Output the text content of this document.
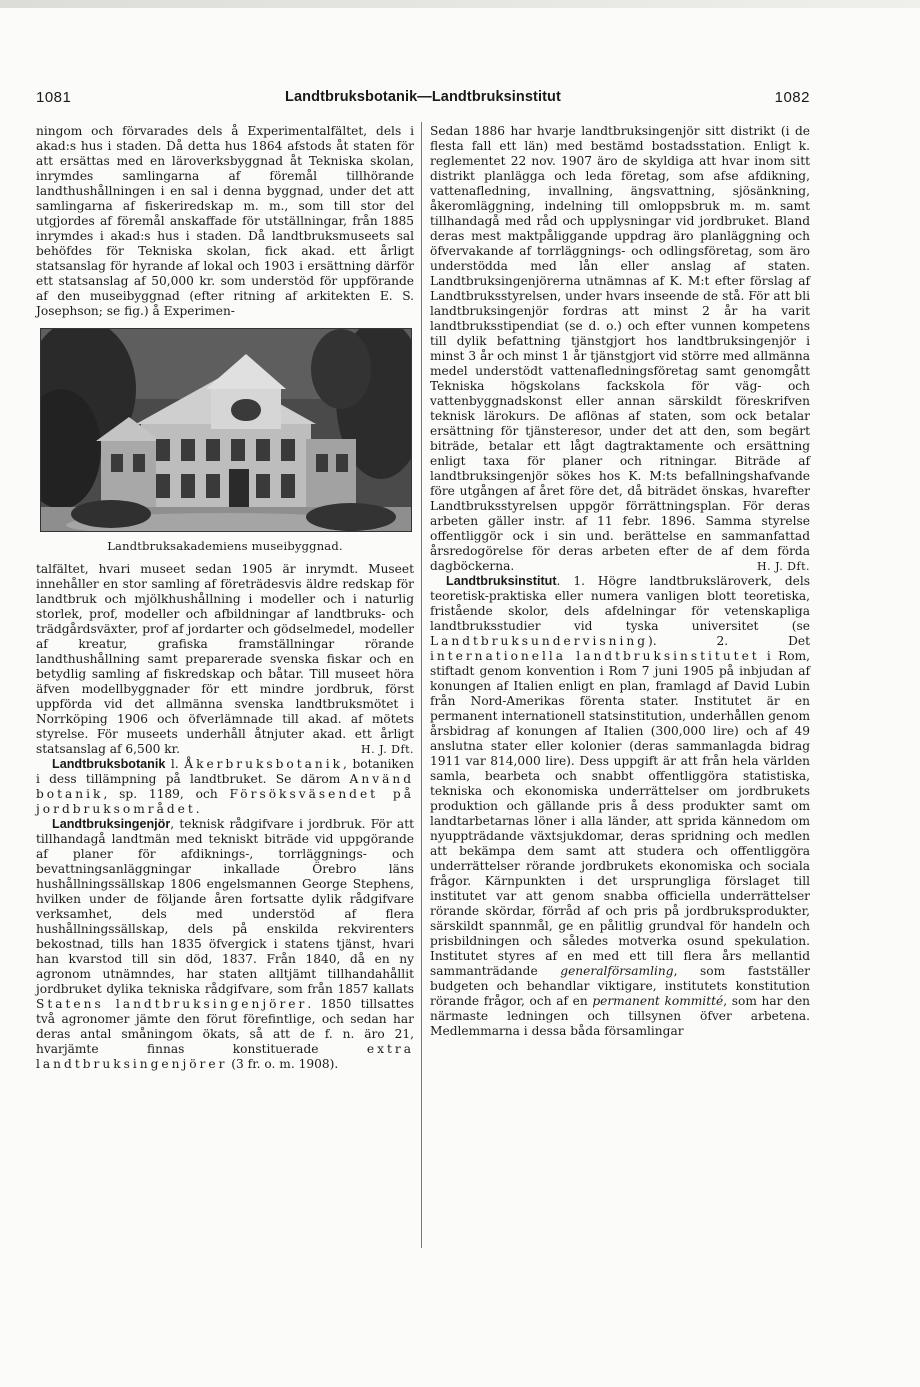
1081	Landtbruksbotanik—Landtbruksinstitut	1082

ningom och förvarades dels å Experimentalfältet, dels i akad:s hus i staden. Då detta hus 1864 afstods åt staten för att ersättas med en läroverksbyggnad åt Tekniska skolan, inrymdes samlingarna af föremål tillhörande landthushållningen i en sal i denna byggnad, under det att samlingarna af fiskeriredskap m. m., som till stor del utgjordes af föremål anskaffade för utställningar, från 1885 inrymdes i akad:s hus i staden. Då landtbruksmuseets sal behöfdes för Tekniska skolan, fick akad. ett årligt statsanslag för hyrande af lokal och 1903 i ersättning därför ett statsanslag af 50,000 kr. som understöd för uppförande af den museibyggnad (efter ritning af arkitekten E. S. Josephson; se fig.) å Experimen-

Landtbruksakademiens museibyggnad.

talfältet, hvari museet sedan 1905 är inrymdt. Museet innehåller en stor samling af företrädesvis äldre redskap för landtbruk och mjölkhushållning i modeller och i naturlig storlek, prof, modeller och afbildningar af landtbruks- och trädgårdsväxter, prof af jordarter och gödselmedel, modeller af kreatur, grafiska framställningar rörande landthushållning samt preparerade svenska fiskar och en betydlig samling af fiskredskap och båtar. Till museet höra äfven modellbyggnader för ett mindre jordbruk, först uppförda vid det allmänna svenska landtbruksmötet i Norrköping 1906 och öfverlämnade till akad. af mötets styrelse. För museets underhåll åtnjuter akad. ett årligt statsanslag af 6,500 kr.	H. J. Dft.

Landtbruksbotanik l. Åkerbruksbotanik, botaniken i dess tillämpning på landtbruket. Se därom Använd botanik, sp. 1189, och Försöksväsendet på jordbruksområdet.

Landtbruksingenjör, teknisk rådgifvare i jordbruk. För att tillhandagå landtmän med tekniskt biträde vid uppgörande af planer för afdiknings-, torrläggnings- och bevattningsanläggningar inkallade Örebro läns hushållningssällskap 1806 engelsmannen George Stephens, hvilken under de följande åren fortsatte dylik rådgifvare verksamhet, dels med understöd af flera hushållningssällskap, dels på enskilda rekvirenters bekostnad, tills han 1835 öfvergick i statens tjänst, hvari han kvarstod till sin död, 1837. Från 1840, då en ny agronom utnämndes, har staten alltjämt tillhandahållit jordbruket dylika tekniska rådgifvare, som från 1857 kallats Statens landtbruksingenjörer. 1850 tillsattes två agronomer jämte den förut förefintlige, och sedan har deras antal småningom ökats, så att de f. n. äro 21, hvarjämte finnas konstituerade extra landtbruksingenjörer (3 fr. o. m. 1908).

Sedan 1886 har hvarje landtbruksingenjör sitt distrikt (i de flesta fall ett län) med bestämd bostadsstation. Enligt k. reglementet 22 nov. 1907 äro de skyldiga att hvar inom sitt distrikt planlägga och leda företag, som afse afdikning, vattenafledning, invallning, ängsvattning, sjösänkning, åkeromläggning, indelning till omloppsbruk m. m. samt tillhandagå med råd och upplysningar vid jordbruket. Bland deras mest maktpåliggande uppdrag äro planläggning och öfvervakande af torrläggnings- och odlingsföretag, som äro understödda med lån eller anslag af staten. Landtbruksingenjörerna utnämnas af K. M:t efter förslag af Landtbruksstyrelsen, under hvars inseende de stå. För att bli landtbruksingenjör fordras att minst 2 år ha varit landtbruksstipendiat (se d. o.) och efter vunnen kompetens till dylik befattning tjänstgjort hos landtbruksingenjör i minst 3 år och minst 1 år tjänstgjort vid större med allmänna medel understödt vattenafledningsföretag samt genomgått Tekniska högskolans fackskola för väg- och vattenbyggnadskonst eller annan särskildt föreskrifven teknisk lärokurs. De aflönas af staten, som ock betalar ersättning för tjänsteresor, under det att den, som begärt biträde, betalar ett lågt dagtraktamente och ersättning enligt taxa för planer och ritningar. Biträde af landtbruksingenjör sökes hos K. M:ts befallningshafvande före utgången af året före det, då biträdet önskas, hvarefter Landtbruksstyrelsen uppgör förrättningsplan. För deras arbeten gäller instr. af 11 febr. 1896. Samma styrelse offentliggör ock i sin und. berättelse en sammanfattad årsredogörelse för deras arbeten efter de af dem förda dagböckerna.	H. J. Dft.

Landtbruksinstitut. 1. Högre landtbruksläroverk, dels teoretisk-praktiska eller numera vanligen blott teoretiska, fristående skolor, dels afdelningar för vetenskapliga landtbruksstudier vid tyska universitet (se Landtbruksundervisning). 2. Det internationella landtbruksinstitutet i Rom, stiftadt genom konvention i Rom 7 juni 1905 på inbjudan af konungen af Italien enligt en plan, framlagd af David Lubin från Nord-Amerikas förenta stater. Institutet är en permanent internationell statsinstitution, underhållen genom årsbidrag af konungen af Italien (300,000 lire) och af 49 anslutna stater eller kolonier (deras sammanlagda bidrag 1911 var 814,000 lire). Dess uppgift är att från hela världen samla, bearbeta och snabbt offentliggöra statistiska, tekniska och ekonomiska underrättelser om jordbrukets produktion och gällande pris å dess produkter samt om landtarbetarnas löner i alla länder, att sprida kännedom om nyuppträdande växtsjukdomar, deras spridning och medlen att bekämpa dem samt att studera och offentliggöra underrättelser rörande jordbrukets ekonomiska och sociala frågor. Kärnpunkten i det ursprungliga förslaget till institutet var att genom snabba officiella underrättelser rörande skördar, förråd af och pris på jordbruksprodukter, särskildt spannmål, ge en pålitlig grundval för handeln och prisbildningen och således motverka osund spekulation. Institutet styres af en med ett till flera års mellantid sammanträdande generalförsamling, som fastställer budgeten och behandlar viktigare, institutets konstitution rörande frågor, och af en permanent kommitté, som har den närmaste ledningen och tillsynen öfver arbetena. Medlemmarna i dessa båda församlingar
